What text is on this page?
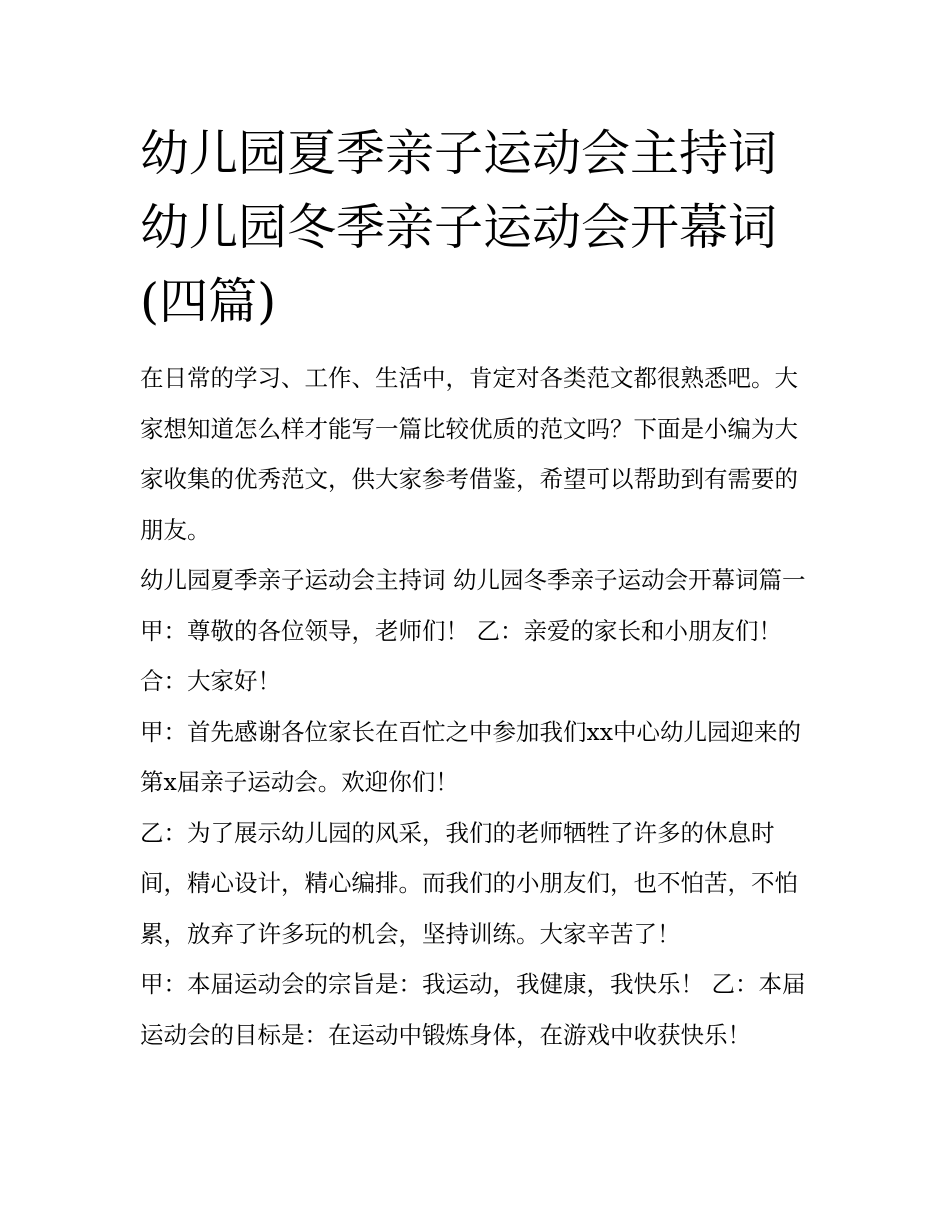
幼儿园夏季亲子运动会主持词
幼儿园冬季亲子运动会开幕词
(四篇)

在日常的学习、工作、生活中，肯定对各类范文都很熟悉吧。大家想知道怎么样才能写一篇比较优质的范文吗？下面是小编为大家收集的优秀范文，供大家参考借鉴，希望可以帮助到有需要的朋友。

幼儿园夏季亲子运动会主持词 幼儿园冬季亲子运动会开幕词篇一 甲：尊敬的各位领导，老师们！ 乙：亲爱的家长和小朋友们！ 合：大家好！

甲：首先感谢各位家长在百忙之中参加我们xx中心幼儿园迎来的第x届亲子运动会。欢迎你们！

乙：为了展示幼儿园的风采，我们的老师牺牲了许多的休息时间，精心设计，精心编排。而我们的小朋友们，也不怕苦，不怕累，放弃了许多玩的机会，坚持训练。大家辛苦了！

甲：本届运动会的宗旨是：我运动，我健康，我快乐！ 乙：本届运动会的目标是：在运动中锻炼身体，在游戏中收获快乐！
